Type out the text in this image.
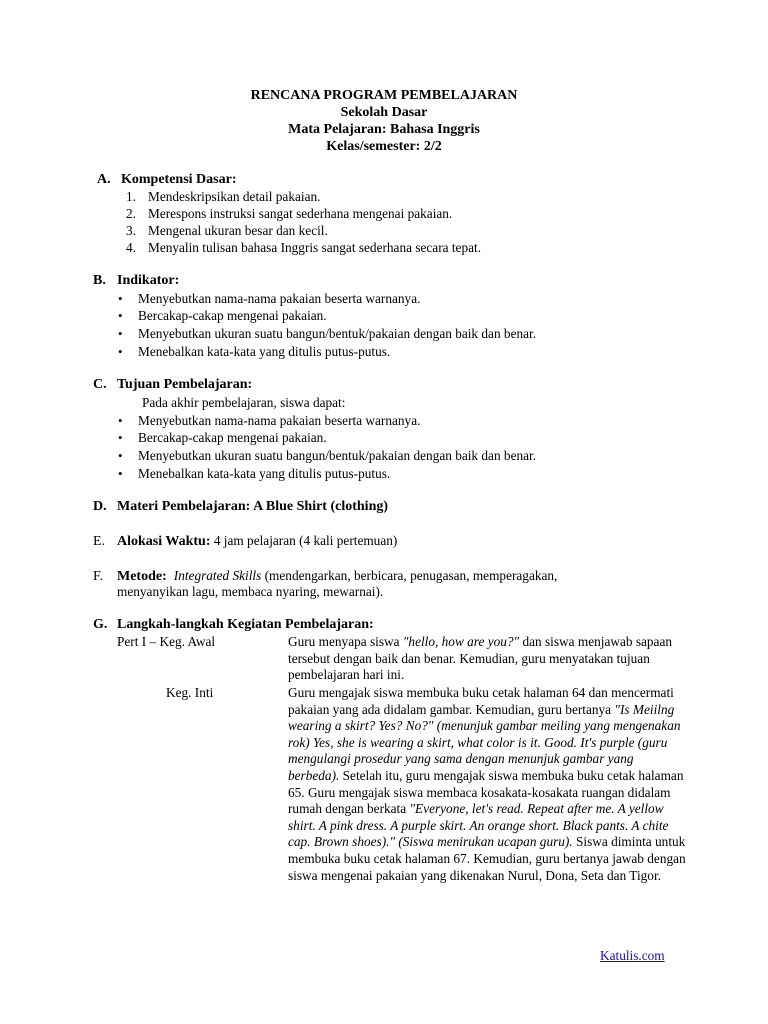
RENCANA PROGRAM PEMBELAJARAN
Sekolah Dasar
Mata Pelajaran: Bahasa Inggris
Kelas/semester: 2/2
A. Kompetensi Dasar:
1. Mendeskripsikan detail pakaian.
2. Merespons instruksi sangat sederhana mengenai pakaian.
3. Mengenal ukuran besar dan kecil.
4. Menyalin tulisan bahasa Inggris sangat sederhana secara tepat.
B. Indikator:
• Menyebutkan nama-nama pakaian beserta warnanya.
• Bercakap-cakap mengenai pakaian.
• Menyebutkan ukuran suatu bangun/bentuk/pakaian dengan baik dan benar.
• Menebalkan kata-kata yang ditulis putus-putus.
C. Tujuan Pembelajaran:
Pada akhir pembelajaran, siswa dapat:
• Menyebutkan nama-nama pakaian beserta warnanya.
• Bercakap-cakap mengenai pakaian.
• Menyebutkan ukuran suatu bangun/bentuk/pakaian dengan baik dan benar.
• Menebalkan kata-kata yang ditulis putus-putus.
D. Materi Pembelajaran: A Blue Shirt (clothing)
E. Alokasi Waktu: 4 jam pelajaran (4 kali pertemuan)
F. Metode: Integrated Skills (mendengarkan, berbicara, penugasan, memperagakan,
menyanyikan lagu, membaca nyaring, mewarnai).
G. Langkah-langkah Kegiatan Pembelajaran:
Pert I – Keg. Awal	Guru menyapa siswa "hello, how are you?" dan siswa menjawab sapaan tersebut dengan baik dan benar. Kemudian, guru menyatakan tujuan pembelajaran hari ini.
Keg. Inti	Guru mengajak siswa membuka buku cetak halaman 64 dan mencermati pakaian yang ada didalam gambar. Kemudian, guru bertanya "Is Meiilng wearing a skirt? Yes? No?" (menunjuk gambar meiling yang mengenakan rok) Yes, she is wearing a skirt, what color is it. Good. It's purple (guru mengulangi prosedur yang sama dengan menunjuk gambar yang berbeda). Setelah itu, guru mengajak siswa membuka buku cetak halaman 65. Guru mengajak siswa membaca kosakata-kosakata ruangan didalam rumah dengan berkata "Everyone, let's read. Repeat after me. A yellow shirt. A pink dress. A purple skirt. An orange short. Black pants. A chite cap. Brown shoes)." (Siswa menirukan ucapan guru). Siswa diminta untuk membuka buku cetak halaman 67. Kemudian, guru bertanya jawab dengan siswa mengenai pakaian yang dikenakan Nurul, Dona, Seta dan Tigor.
Katulis.com
